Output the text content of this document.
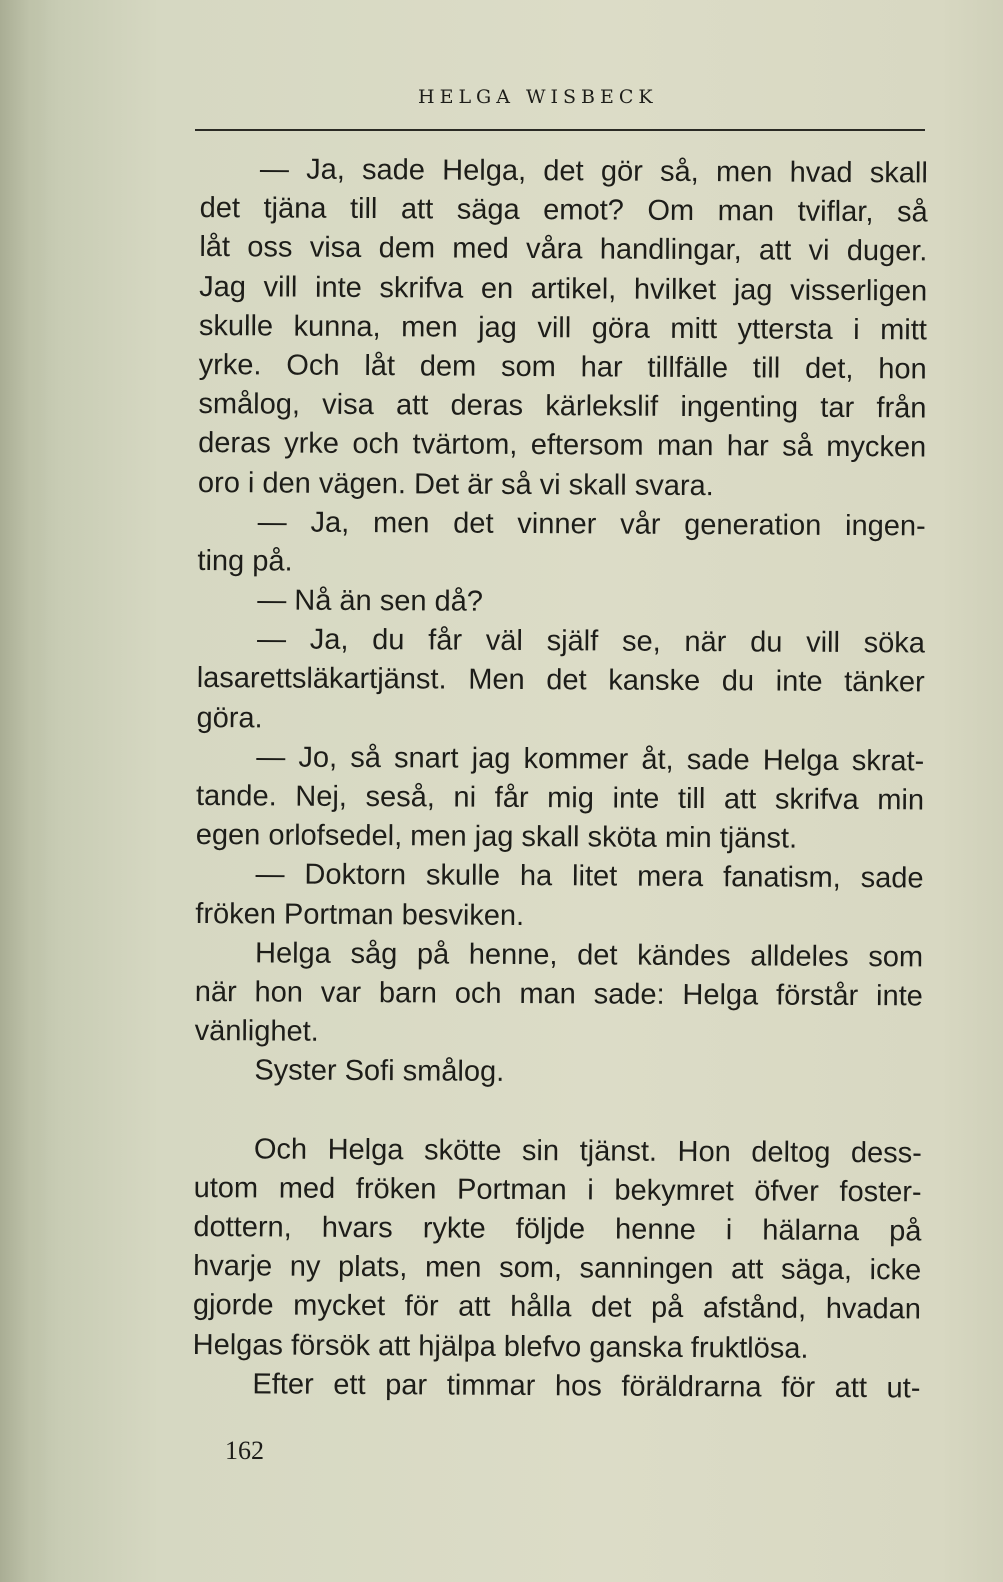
HELGA WISBECK
— Ja, sade Helga, det gör så, men hvad skall
det tjäna till att säga emot? Om man tviflar, så
låt oss visa dem med våra handlingar, att vi duger.
Jag vill inte skrifva en artikel, hvilket jag visserligen
skulle kunna, men jag vill göra mitt yttersta i mitt
yrke. Och låt dem som har tillfälle till det, hon
smålog, visa att deras kärlekslif ingenting tar från
deras yrke och tvärtom, eftersom man har så mycken
oro i den vägen. Det är så vi skall svara.
— Ja, men det vinner vår generation ingen-
ting på.
— Nå än sen då?
— Ja, du får väl själf se, när du vill söka
lasarettsläkartjänst. Men det kanske du inte tänker
göra.
— Jo, så snart jag kommer åt, sade Helga skrat-
tande. Nej, seså, ni får mig inte till att skrifva min
egen orlofsedel, men jag skall sköta min tjänst.
— Doktorn skulle ha litet mera fanatism, sade
fröken Portman besviken.
Helga såg på henne, det kändes alldeles som
när hon var barn och man sade: Helga förstår inte
vänlighet.
Syster Sofi smålog.
Och Helga skötte sin tjänst. Hon deltog dess-
utom med fröken Portman i bekymret öfver foster-
dottern, hvars rykte följde henne i hälarna på
hvarje ny plats, men som, sanningen att säga, icke
gjorde mycket för att hålla det på afstånd, hvadan
Helgas försök att hjälpa blefvo ganska fruktlösa.
Efter ett par timmar hos föräldrarna för att ut-
162
